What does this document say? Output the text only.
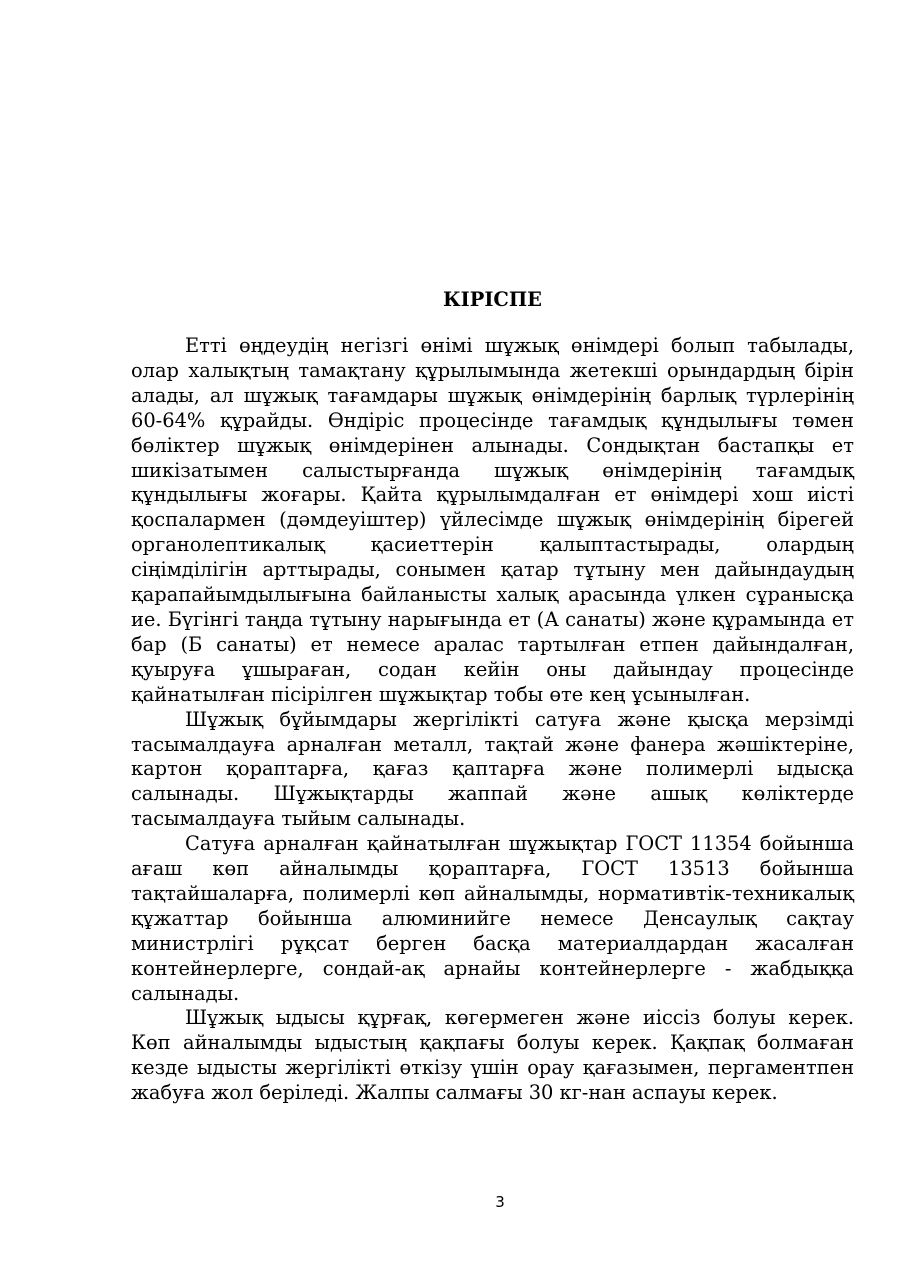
КІРІСПЕ

Етті өңдеудің негізгі өнімі шұжық өнімдері болып табылады, олар халықтың тамақтану құрылымында жетекші орындардың бірін алады, ал шұжық тағамдары шұжық өнімдерінің барлық түрлерінің 60-64% құрайды. Өндіріс процесінде тағамдық құндылығы төмен бөліктер шұжық өнімдерінен алынады. Сондықтан бастапқы ет шикізатымен салыстырғанда шұжық өнімдерінің тағамдық құндылығы жоғары. Қайта құрылымдалған ет өнімдері хош иісті қоспалармен (дәмдеуіштер) үйлесімде шұжық өнімдерінің бірегей органолептикалық қасиеттерін қалыптастырады, олардың сіңімділігін арттырады, сонымен қатар тұтыну мен дайындаудың қарапайымдылығына байланысты халық арасында үлкен сұранысқа ие. Бүгінгі таңда тұтыну нарығында ет (А санаты) және құрамында ет бар (Б санаты) ет немесе аралас тартылған етпен дайындалған, қуыруға ұшыраған, содан кейін оны дайындау процесінде қайнатылған пісірілген шұжықтар тобы өте кең ұсынылған.

Шұжық бұйымдары жергілікті сатуға және қысқа мерзімді тасымалдауға арналған металл, тақтай және фанера жәшіктеріне, картон қораптарға, қағаз қаптарға және полимерлі ыдысқа салынады. Шұжықтарды жаппай және ашық көліктерде тасымалдауға тыйым салынады.

Сатуға арналған қайнатылған шұжықтар ГОСТ 11354 бойынша ағаш көп айналымды қораптарға, ГОСТ 13513 бойынша тақтайшаларға, полимерлі көп айналымды, нормативтік-техникалық құжаттар бойынша алюминийге немесе Денсаулық сақтау министрлігі рұқсат берген басқа материалдардан жасалған контейнерлерге, сондай-ақ арнайы контейнерлерге - жабдыққа салынады.

Шұжық ыдысы құрғақ, көгермеген және иіссіз болуы керек. Көп айналымды ыдыстың қақпағы болуы керек. Қақпақ болмаған кезде ыдысты жергілікті өткізу үшін орау қағазымен, пергаментпен жабуға жол беріледі. Жалпы салмағы 30 кг-нан аспауы керек.

3
